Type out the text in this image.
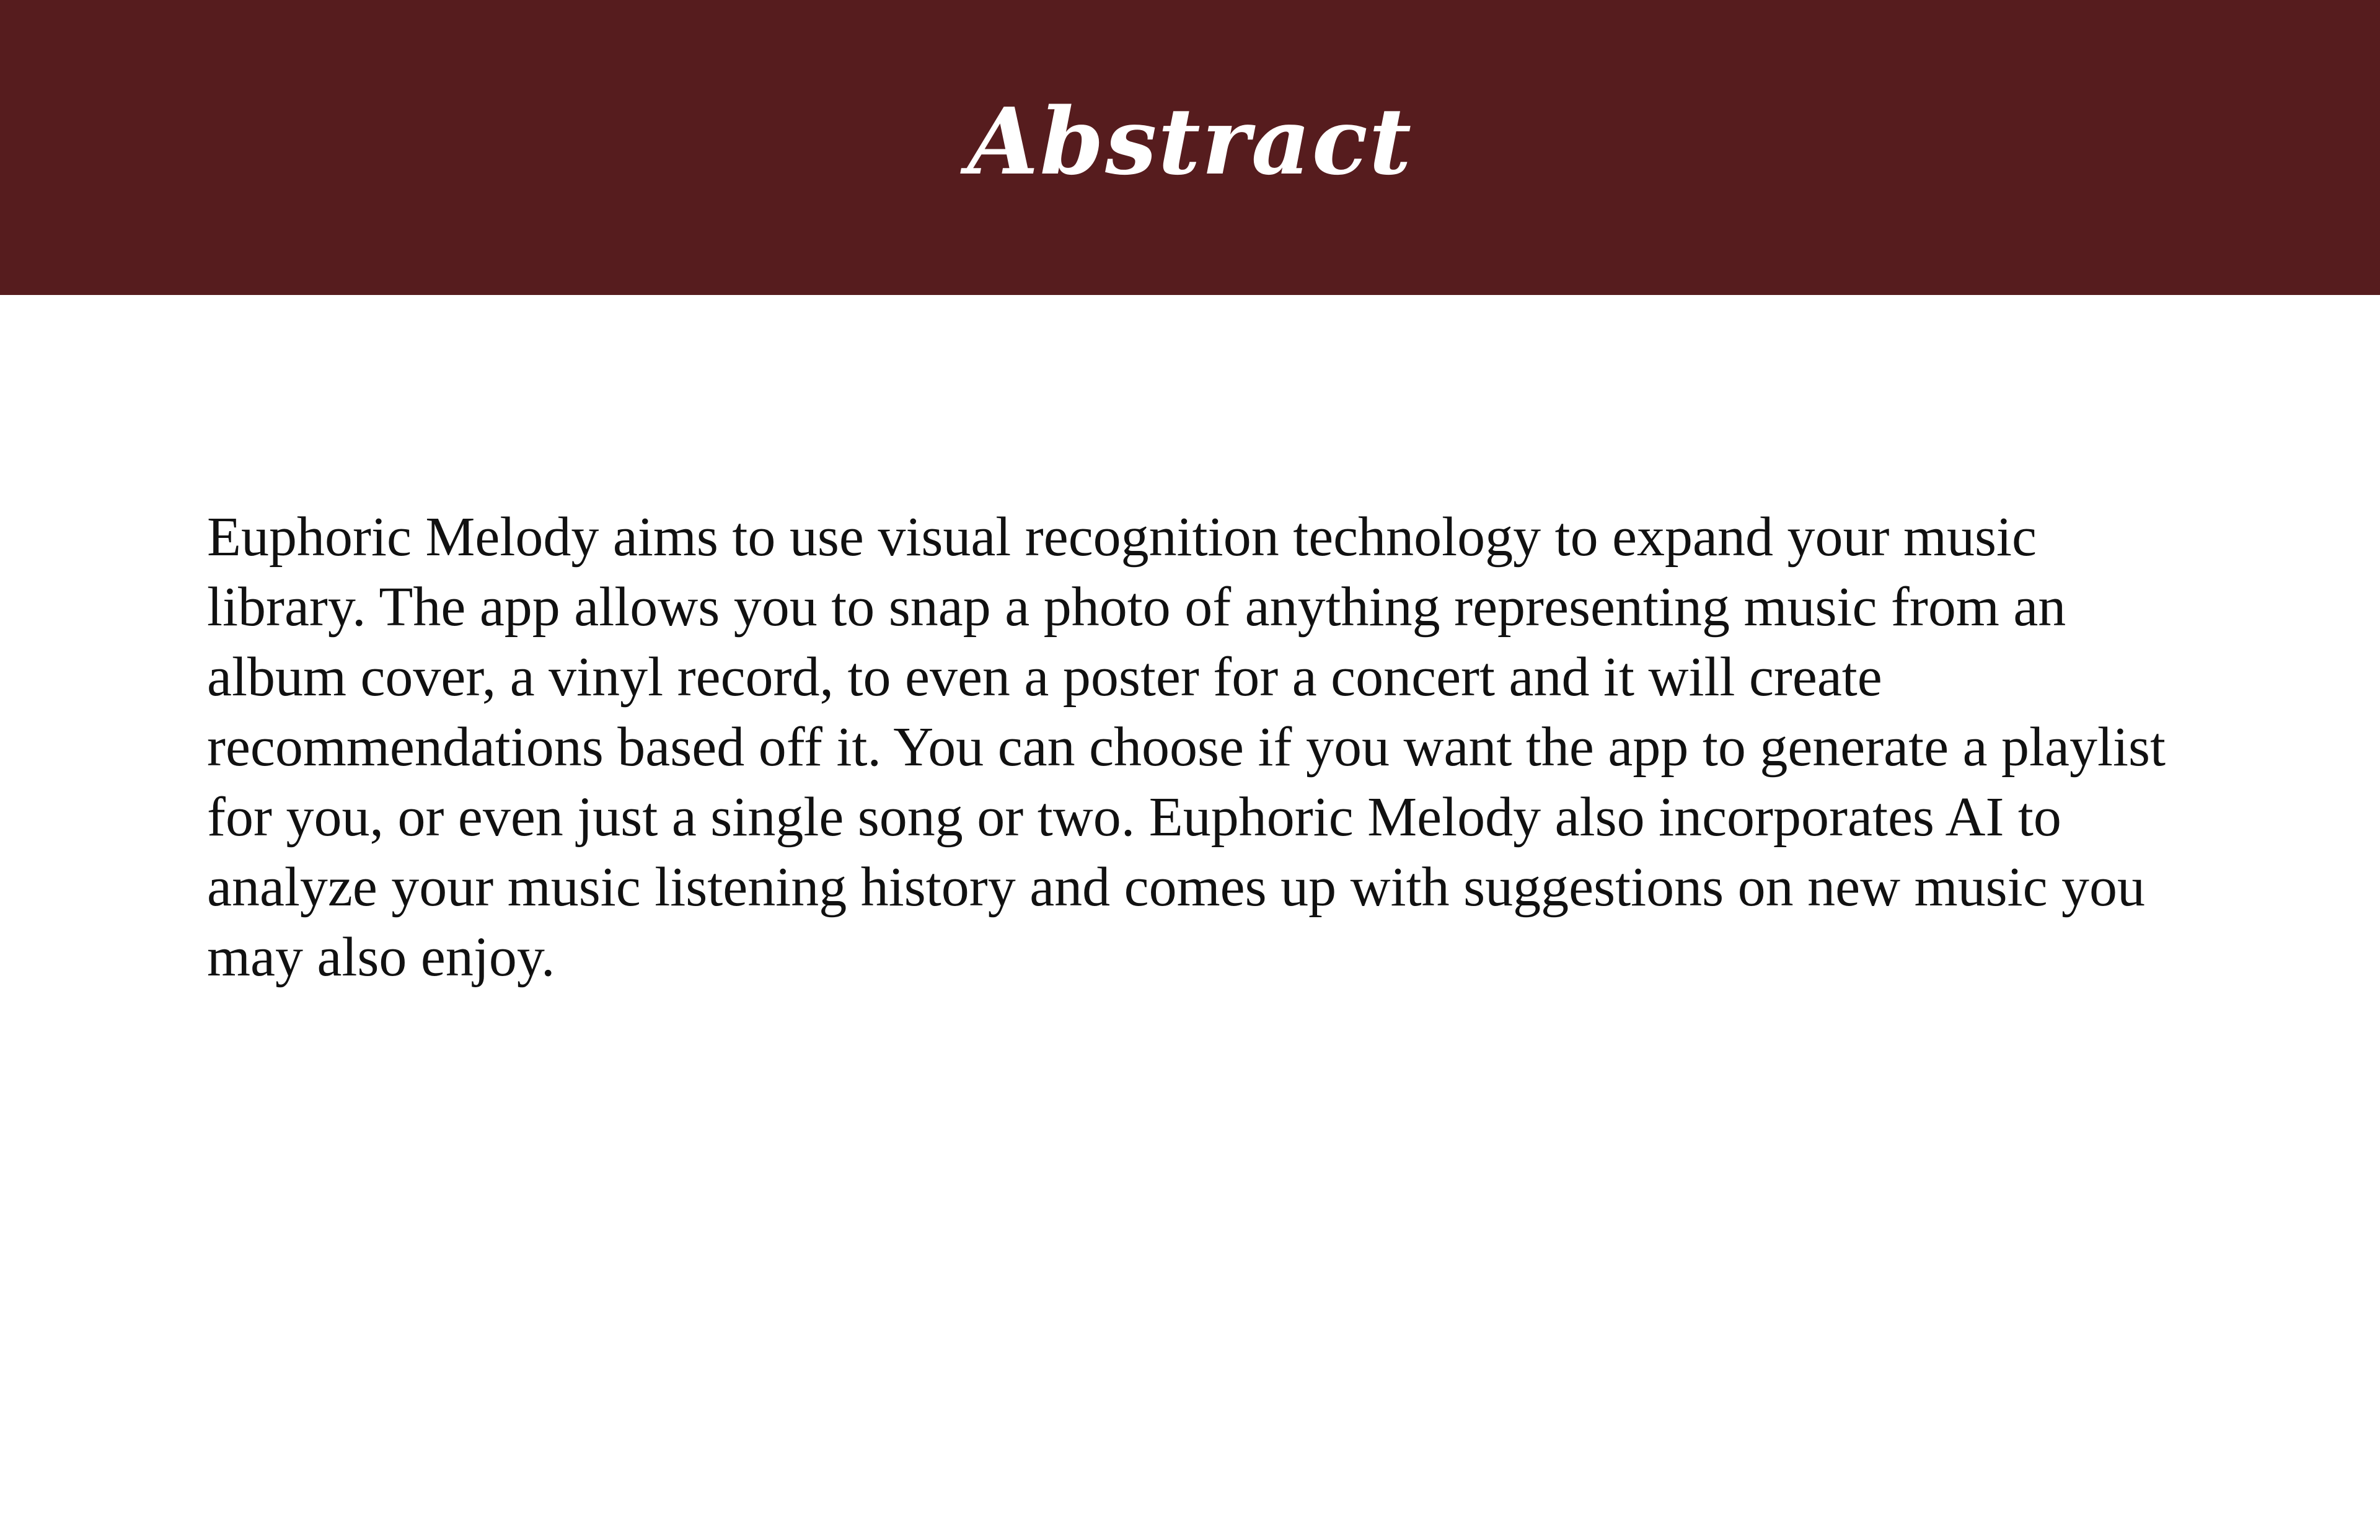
Abstract

Euphoric Melody aims to use visual recognition technology to expand your music
library. The app allows you to snap a photo of anything representing music from an
album cover, a vinyl record, to even a poster for a concert and it will create
recommendations based off it. You can choose if you want the app to generate a playlist
for you, or even just a single song or two. Euphoric Melody also incorporates AI to
analyze your music listening history and comes up with suggestions on new music you
may also enjoy.
